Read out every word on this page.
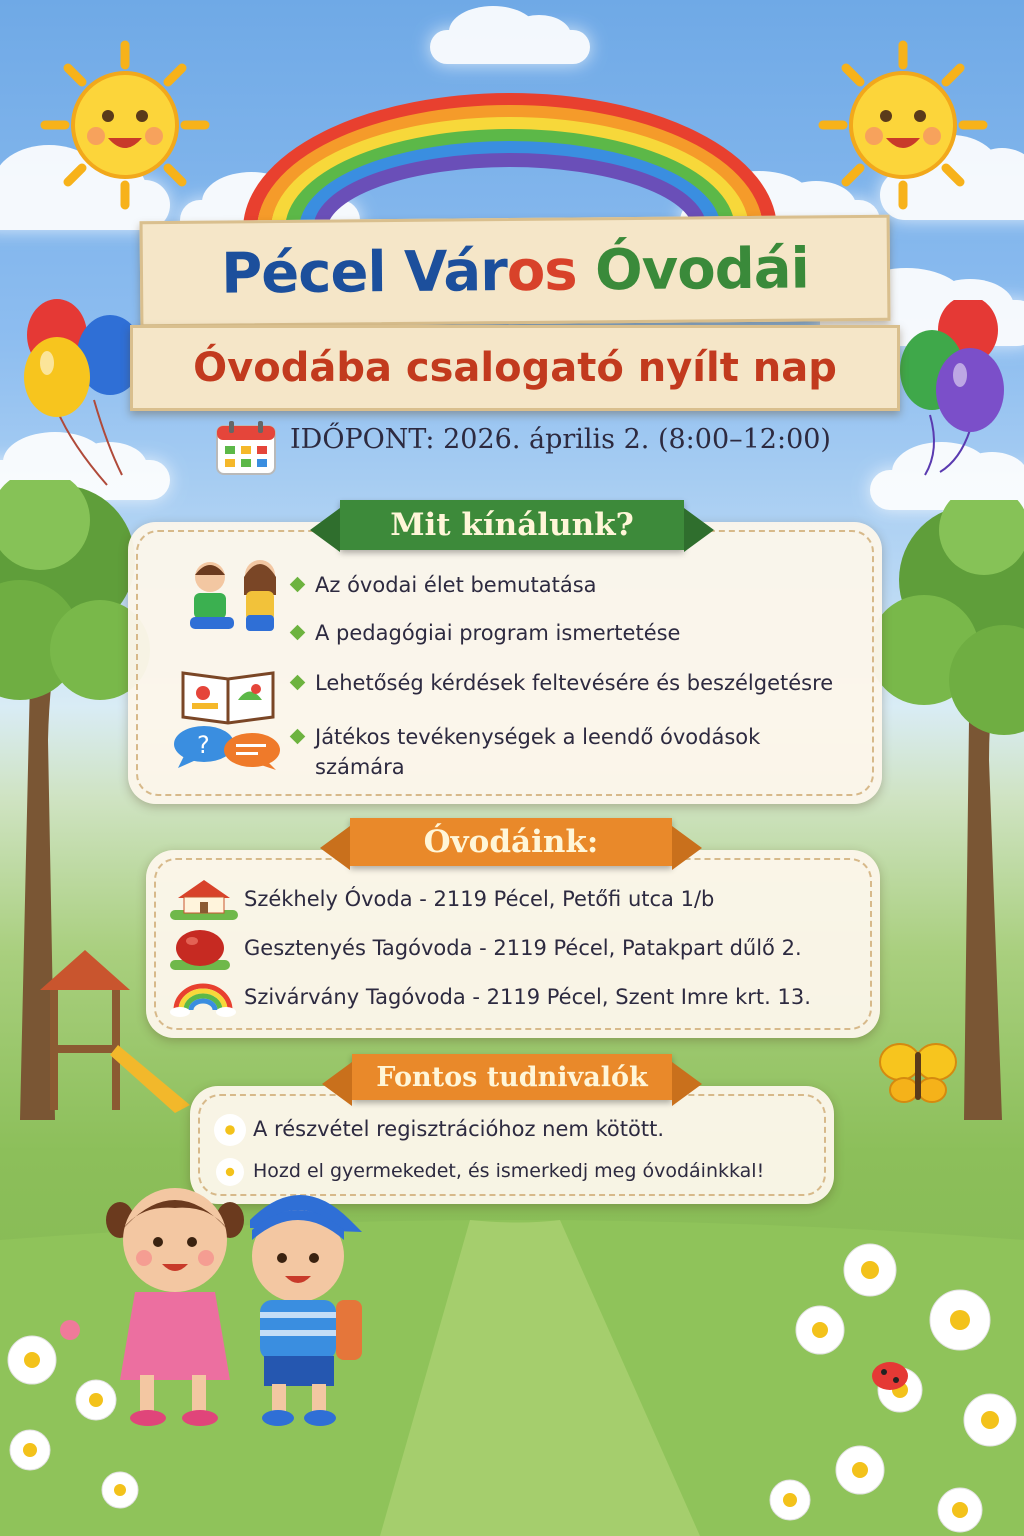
Pécel Város Óvodái
Óvodába csalogató nyílt nap
IDŐPONT: 2026. április 2. (8:00–12:00)
Mit kínálunk?
?
Az óvodai élet bemutatása
A pedagógiai program ismertetése
Lehetőség kérdések feltevésére és beszélgetésre
Játékos tevékenységek a leendő óvodások
számára
Óvodáink:
Székhely Óvoda - 2119 Pécel, Petőfi utca 1/b
Gesztenyés Tagóvoda - 2119 Pécel, Patakpart dűlő 2.
Szivárvány Tagóvoda - 2119 Pécel, Szent Imre krt. 13.
Fontos tudnivalók
A részvétel regisztrációhoz nem kötött.
Hozd el gyermekedet, és ismerkedj meg óvodáinkkal!
